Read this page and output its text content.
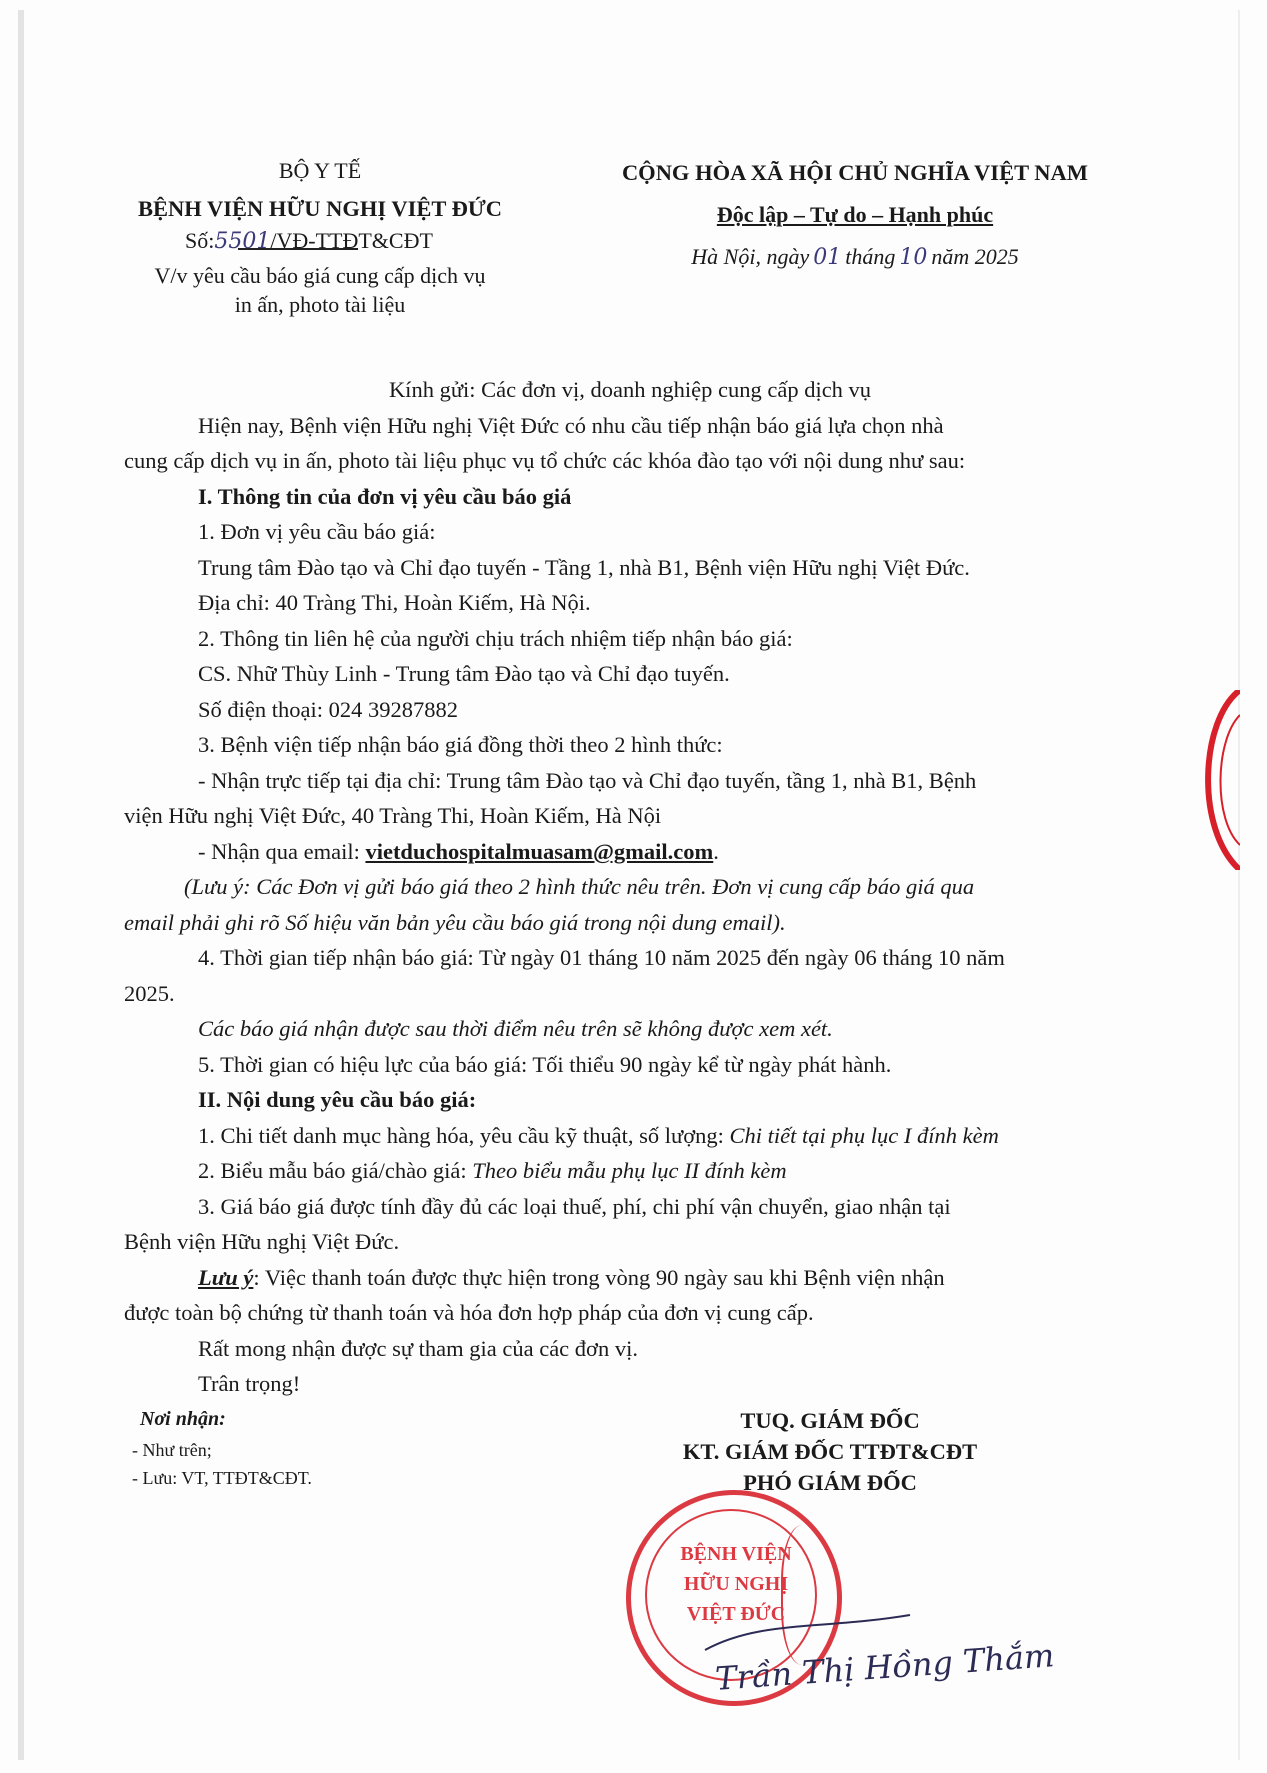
BỘ Y TẾ
BỆNH VIỆN HỮU NGHỊ VIỆT ĐỨC
Số:5501/VĐ-TTĐT&CĐT
V/v yêu cầu báo giá cung cấp dịch vụ
in ấn, photo tài liệu
CỘNG HÒA XÃ HỘI CHỦ NGHĨA VIỆT NAM
Độc lập – Tự do – Hạnh phúc
Hà Nội, ngày 01 tháng 10 năm 2025
Kính gửi: Các đơn vị, doanh nghiệp cung cấp dịch vụ
Hiện nay, Bệnh viện Hữu nghị Việt Đức có nhu cầu tiếp nhận báo giá lựa chọn nhà
cung cấp dịch vụ in ấn, photo tài liệu phục vụ tổ chức các khóa đào tạo với nội dung như sau:
I. Thông tin của đơn vị yêu cầu báo giá
1. Đơn vị yêu cầu báo giá:
Trung tâm Đào tạo và Chỉ đạo tuyến - Tầng 1, nhà B1, Bệnh viện Hữu nghị Việt Đức.
Địa chỉ: 40 Tràng Thi, Hoàn Kiếm, Hà Nội.
2. Thông tin liên hệ của người chịu trách nhiệm tiếp nhận báo giá:
CS. Nhữ Thùy Linh - Trung tâm Đào tạo và Chỉ đạo tuyến.
Số điện thoại: 024 39287882
3. Bệnh viện tiếp nhận báo giá đồng thời theo 2 hình thức:
- Nhận trực tiếp tại địa chỉ: Trung tâm Đào tạo và Chỉ đạo tuyến, tầng 1, nhà B1, Bệnh
viện Hữu nghị Việt Đức, 40 Tràng Thi, Hoàn Kiếm, Hà Nội
- Nhận qua email: vietduchospitalmuasam@gmail.com.
(Lưu ý: Các Đơn vị gửi báo giá theo 2 hình thức nêu trên. Đơn vị cung cấp báo giá qua
email phải ghi rõ Số hiệu văn bản yêu cầu báo giá trong nội dung email).
4. Thời gian tiếp nhận báo giá: Từ ngày 01 tháng 10 năm 2025 đến ngày 06 tháng 10 năm
2025.
Các báo giá nhận được sau thời điểm nêu trên sẽ không được xem xét.
5. Thời gian có hiệu lực của báo giá: Tối thiểu 90 ngày kể từ ngày phát hành.
II. Nội dung yêu cầu báo giá:
1. Chi tiết danh mục hàng hóa, yêu cầu kỹ thuật, số lượng: Chi tiết tại phụ lục I đính kèm
2. Biểu mẫu báo giá/chào giá: Theo biểu mẫu phụ lục II đính kèm
3. Giá báo giá được tính đầy đủ các loại thuế, phí, chi phí vận chuyển, giao nhận tại
Bệnh viện Hữu nghị Việt Đức.
Lưu ý: Việc thanh toán được thực hiện trong vòng 90 ngày sau khi Bệnh viện nhận
được toàn bộ chứng từ thanh toán và hóa đơn hợp pháp của đơn vị cung cấp.
Rất mong nhận được sự tham gia của các đơn vị.
Trân trọng!
Nơi nhận:
- Như trên;
- Lưu: VT, TTĐT&CĐT.
TUQ. GIÁM ĐỐC
KT. GIÁM ĐỐC TTĐT&CĐT
PHÓ GIÁM ĐỐC
BỆNH VIỆN
HỮU NGHỊ
VIỆT ĐỨC
Trần Thị Hồng Thắm
